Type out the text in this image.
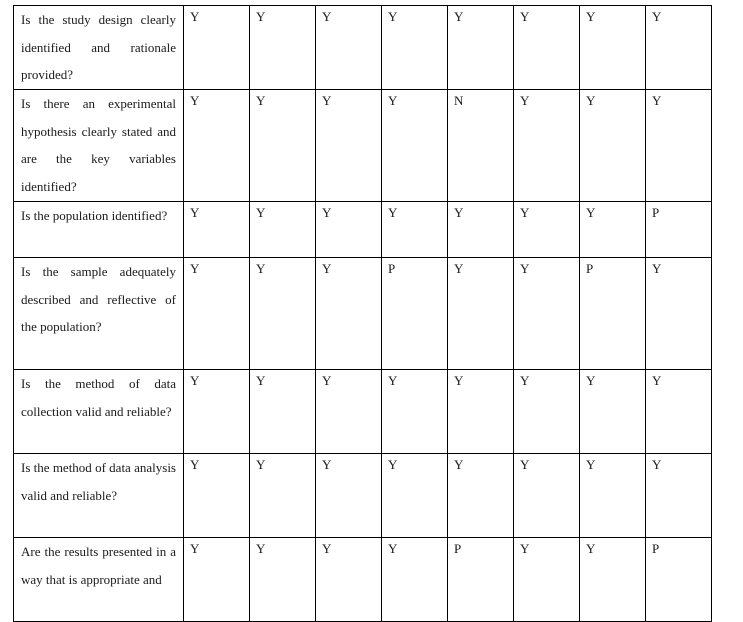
Is the study design clearly identified and rationale provided?	Y	Y	Y	Y	Y	Y	Y	Y
Is there an experimental hypothesis clearly stated and are the key variables identified?	Y	Y	Y	Y	N	Y	Y	Y
Is the population identified?	Y	Y	Y	Y	Y	Y	Y	P
Is the sample adequately described and reflective of the population?	Y	Y	Y	P	Y	Y	P	Y
Is the method of data collection valid and reliable?	Y	Y	Y	Y	Y	Y	Y	Y
Is the method of data analysis valid and reliable?	Y	Y	Y	Y	Y	Y	Y	Y
Are the results presented in a way that is appropriate and	Y	Y	Y	Y	P	Y	Y	P
